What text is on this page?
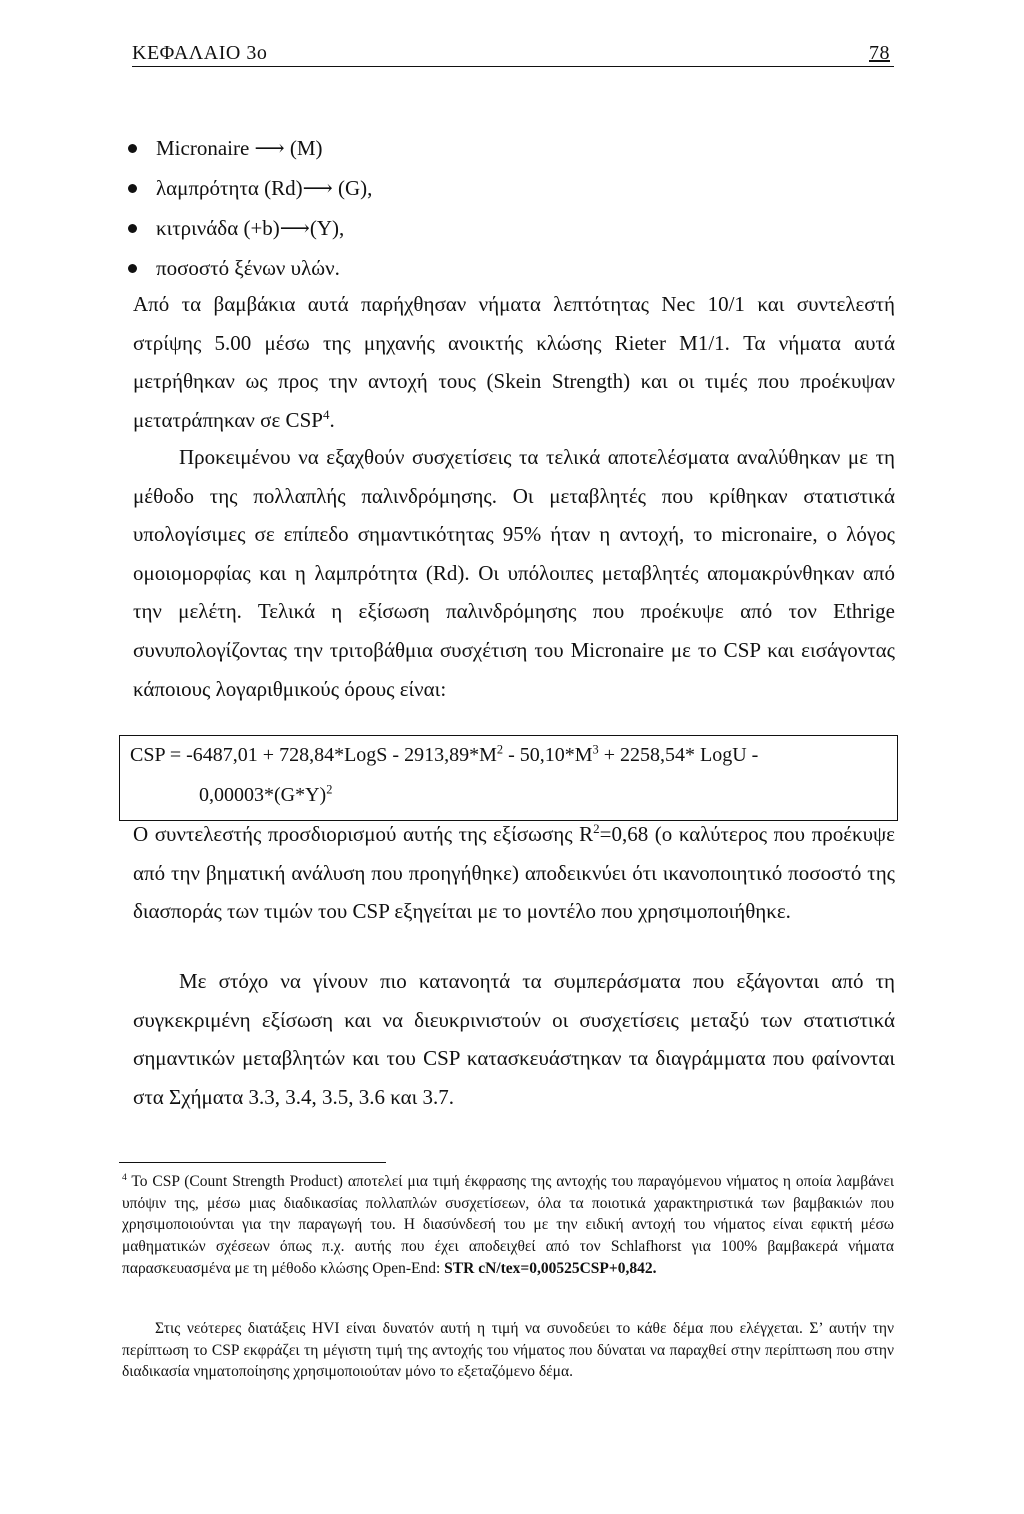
ΚΕΦΑΛΑΙΟ 3ο	78
Micronaire ⟶ (M)
λαμπρότητα (Rd)⟶ (G),
κιτρινάδα (+b)⟶(Y),
ποσοστό ξένων υλών.

Από τα βαμβάκια αυτά παρήχθησαν νήματα λεπτότητας Nec 10/1 και συντελεστή στρίψης 5.00 μέσω της μηχανής ανοικτής κλώσης Rieter M1/1. Τα νήματα αυτά μετρήθηκαν ως προς την αντοχή τους (Skein Strength) και οι τιμές που προέκυψαν μετατράπηκαν σε CSP$^4$.

Προκειμένου να εξαχθούν συσχετίσεις τα τελικά αποτελέσματα αναλύθηκαν με τη μέθοδο της πολλαπλής παλινδρόμησης. Οι μεταβλητές που κρίθηκαν στατιστικά υπολογίσιμες σε επίπεδο σημαντικότητας 95% ήταν η αντοχή, το micronaire, ο λόγος ομοιομορφίας και η λαμπρότητα (Rd). Οι υπόλοιπες μεταβλητές απομακρύνθηκαν από την μελέτη. Τελικά η εξίσωση παλινδρόμησης που προέκυψε από τον Ethrige συνυπολογίζοντας την τριτοβάθμια συσχέτιση του Micronaire με το CSP και εισάγοντας κάποιους λογαριθμικούς όρους είναι:

CSP = -6487,01 + 728,84*LogS - $2913,89*M^2 - 50,10*M^3 + 2258,54*$ LogU -
$0,00003*(G*Y)^2$

Ο συντελεστής προσδιορισμού αυτής της εξίσωσης $R^2=0,68$ (ο καλύτερος που προέκυψε από την βηματική ανάλυση που προηγήθηκε) αποδεικνύει ότι ικανοποιητικό ποσοστό της διασποράς των τιμών του CSP εξηγείται με το μοντέλο που χρησιμοποιήθηκε.

Με στόχο να γίνουν πιο κατανοητά τα συμπεράσματα που εξάγονται από τη συγκεκριμένη εξίσωση και να διευκρινιστούν οι συσχετίσεις μεταξύ των στατιστικά σημαντικών μεταβλητών και του CSP κατασκευάστηκαν τα διαγράμματα που φαίνονται στα Σχήματα 3.3, 3.4, 3.5, 3.6 και 3.7.

$^4$ Το CSP (Count Strength Product) αποτελεί μια τιμή έκφρασης της αντοχής του παραγόμενου νήματος η οποία λαμβάνει υπόψιν της, μέσω μιας διαδικασίας πολλαπλών συσχετίσεων, όλα τα ποιοτικά χαρακτηριστικά των βαμβακιών που χρησιμοποιούνται για την παραγωγή του. Η διασύνδεσή του με την ειδική αντοχή του νήματος είναι εφικτή μέσω μαθηματικών σχέσεων όπως π.χ. αυτής που έχει αποδειχθεί από τον Schlafhorst για 100% βαμβακερά νήματα παρασκευασμένα με τη μέθοδο κλώσης Open-End: STR cN/tex=0,00525CSP+0,842.

Στις νεότερες διατάξεις HVI είναι δυνατόν αυτή η τιμή να συνοδεύει το κάθε δέμα που ελέγχεται. Σ’ αυτήν την περίπτωση το CSP εκφράζει τη μέγιστη τιμή της αντοχής του νήματος που δύναται να παραχθεί στην περίπτωση που στην διαδικασία νηματοποίησης χρησιμοποιούταν μόνο το εξεταζόμενο δέμα.
